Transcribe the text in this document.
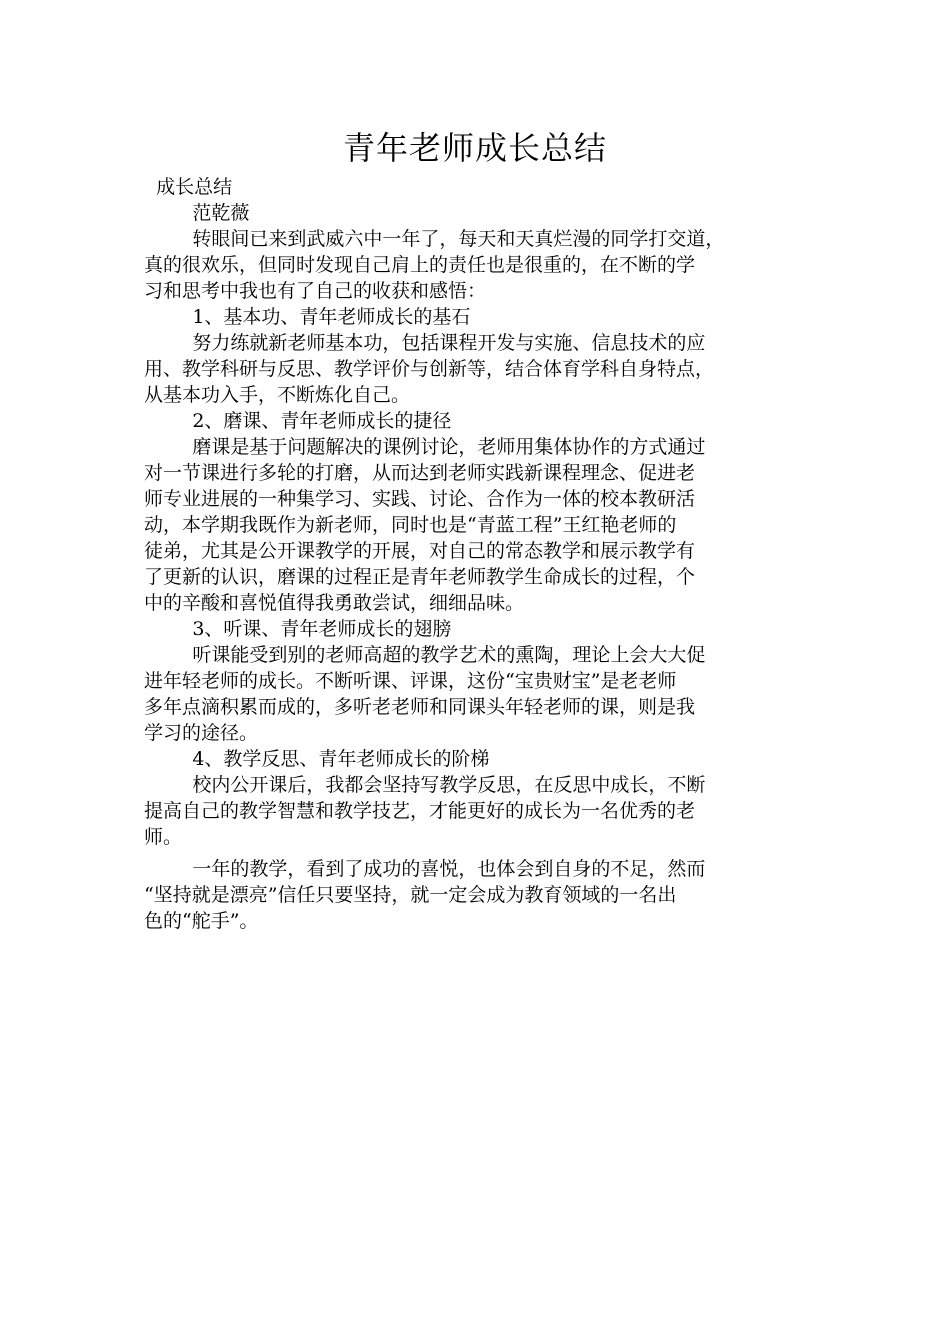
青年老师成长总结
成长总结
范乾薇
转眼间已来到武威六中一年了，每天和天真烂漫的同学打交道，
真的很欢乐，但同时发现自己肩上的责任也是很重的，在不断的学
习和思考中我也有了自己的收获和感悟：
1、基本功、青年老师成长的基石
努力练就新老师基本功，包括课程开发与实施、信息技术的应
用、教学科研与反思、教学评价与创新等，结合体育学科自身特点，
从基本功入手，不断炼化自己。
2、磨课、青年老师成长的捷径
磨课是基于问题解决的课例讨论，老师用集体协作的方式通过
对一节课进行多轮的打磨，从而达到老师实践新课程理念、促进老
师专业进展的一种集学习、实践、讨论、合作为一体的校本教研活
动，本学期我既作为新老师，同时也是“青蓝工程”王红艳老师的
徒弟，尤其是公开课教学的开展，对自己的常态教学和展示教学有
了更新的认识，磨课的过程正是青年老师教学生命成长的过程，个
中的辛酸和喜悦值得我勇敢尝试，细细品味。
3、听课、青年老师成长的翅膀
听课能受到别的老师高超的教学艺术的熏陶，理论上会大大促
进年轻老师的成长。不断听课、评课，这份“宝贵财宝”是老老师
多年点滴积累而成的，多听老老师和同课头年轻老师的课，则是我
学习的途径。
4、教学反思、青年老师成长的阶梯
校内公开课后，我都会坚持写教学反思，在反思中成长，不断
提高自己的教学智慧和教学技艺，才能更好的成长为一名优秀的老
师。
一年的教学，看到了成功的喜悦，也体会到自身的不足，然而
“坚持就是漂亮”信任只要坚持，就一定会成为教育领域的一名出
色的“舵手”。
